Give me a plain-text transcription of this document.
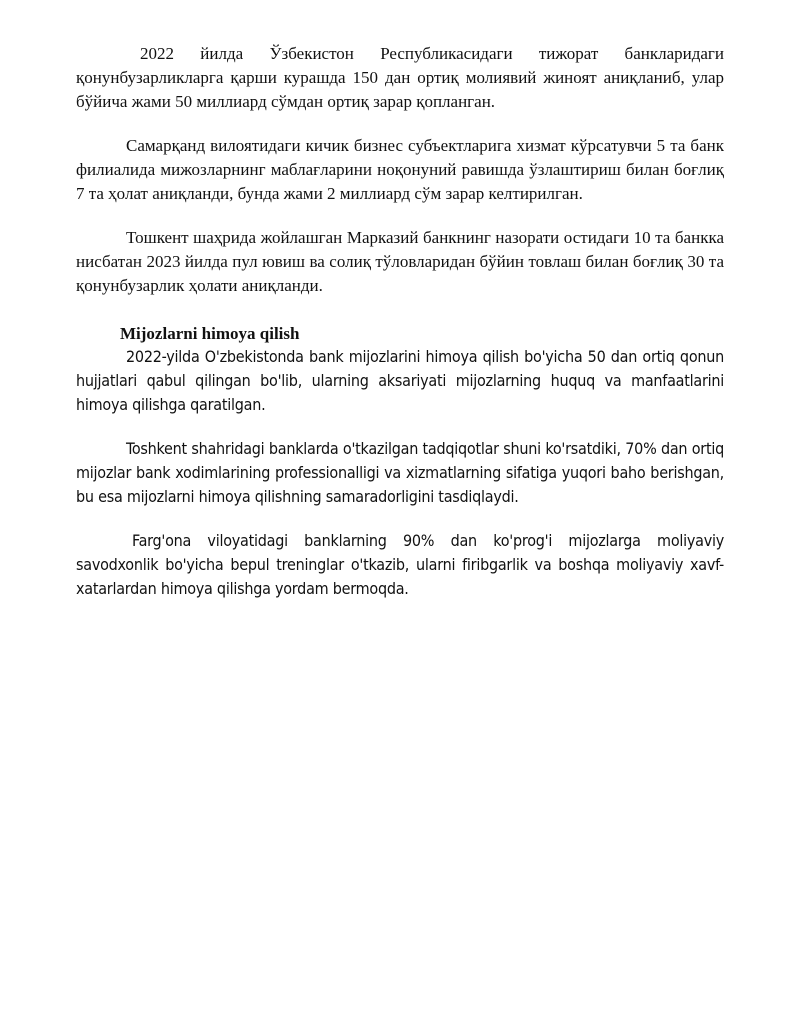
2022 йилда Ўзбекистон Республикасидаги тижорат банкларидаги қонунбузарликларга қарши курашда 150 дан ортиқ молиявий жиноят аниқланиб, улар бўйича жами 50 миллиард сўмдан ортиқ зарар қопланган.

Самарқанд вилоятидаги кичик бизнес субъектларига хизмат кўрсатувчи 5 та банк филиалида мижозларнинг маблағларини ноқонуний равишда ўзлаштириш билан боғлиқ 7 та ҳолат аниқланди, бунда жами 2 миллиард сўм зарар келтирилган.

Тошкент шаҳрида жойлашган Марказий банкнинг назорати остидаги 10 та банкка нисбатан 2023 йилда пул ювиш ва солиқ тўловларидан бўйин товлаш билан боғлиқ 30 та қонунбузарлик ҳолати аниқланди.

Mijozlarni himoya qilish

2022-yilda O'zbekistonda bank mijozlarini himoya qilish bo'yicha 50 dan ortiq qonun hujjatlari qabul qilingan bo'lib, ularning aksariyati mijozlarning huquq va manfaatlarini himoya qilishga qaratilgan.

Toshkent shahridagi banklarda o'tkazilgan tadqiqotlar shuni ko'rsatdiki, 70% dan ortiq mijozlar bank xodimlarining professionalligi va xizmatlarning sifatiga yuqori baho berishgan, bu esa mijozlarni himoya qilishning samaradorligini tasdiqlaydi.

Farg'ona viloyatidagi banklarning 90% dan ko'prog'i mijozlarga moliyaviy savodxonlik bo'yicha bepul treninglar o'tkazib, ularni firibgarlik va boshqa moliyaviy xavf-xatarlardan himoya qilishga yordam bermoqda.
